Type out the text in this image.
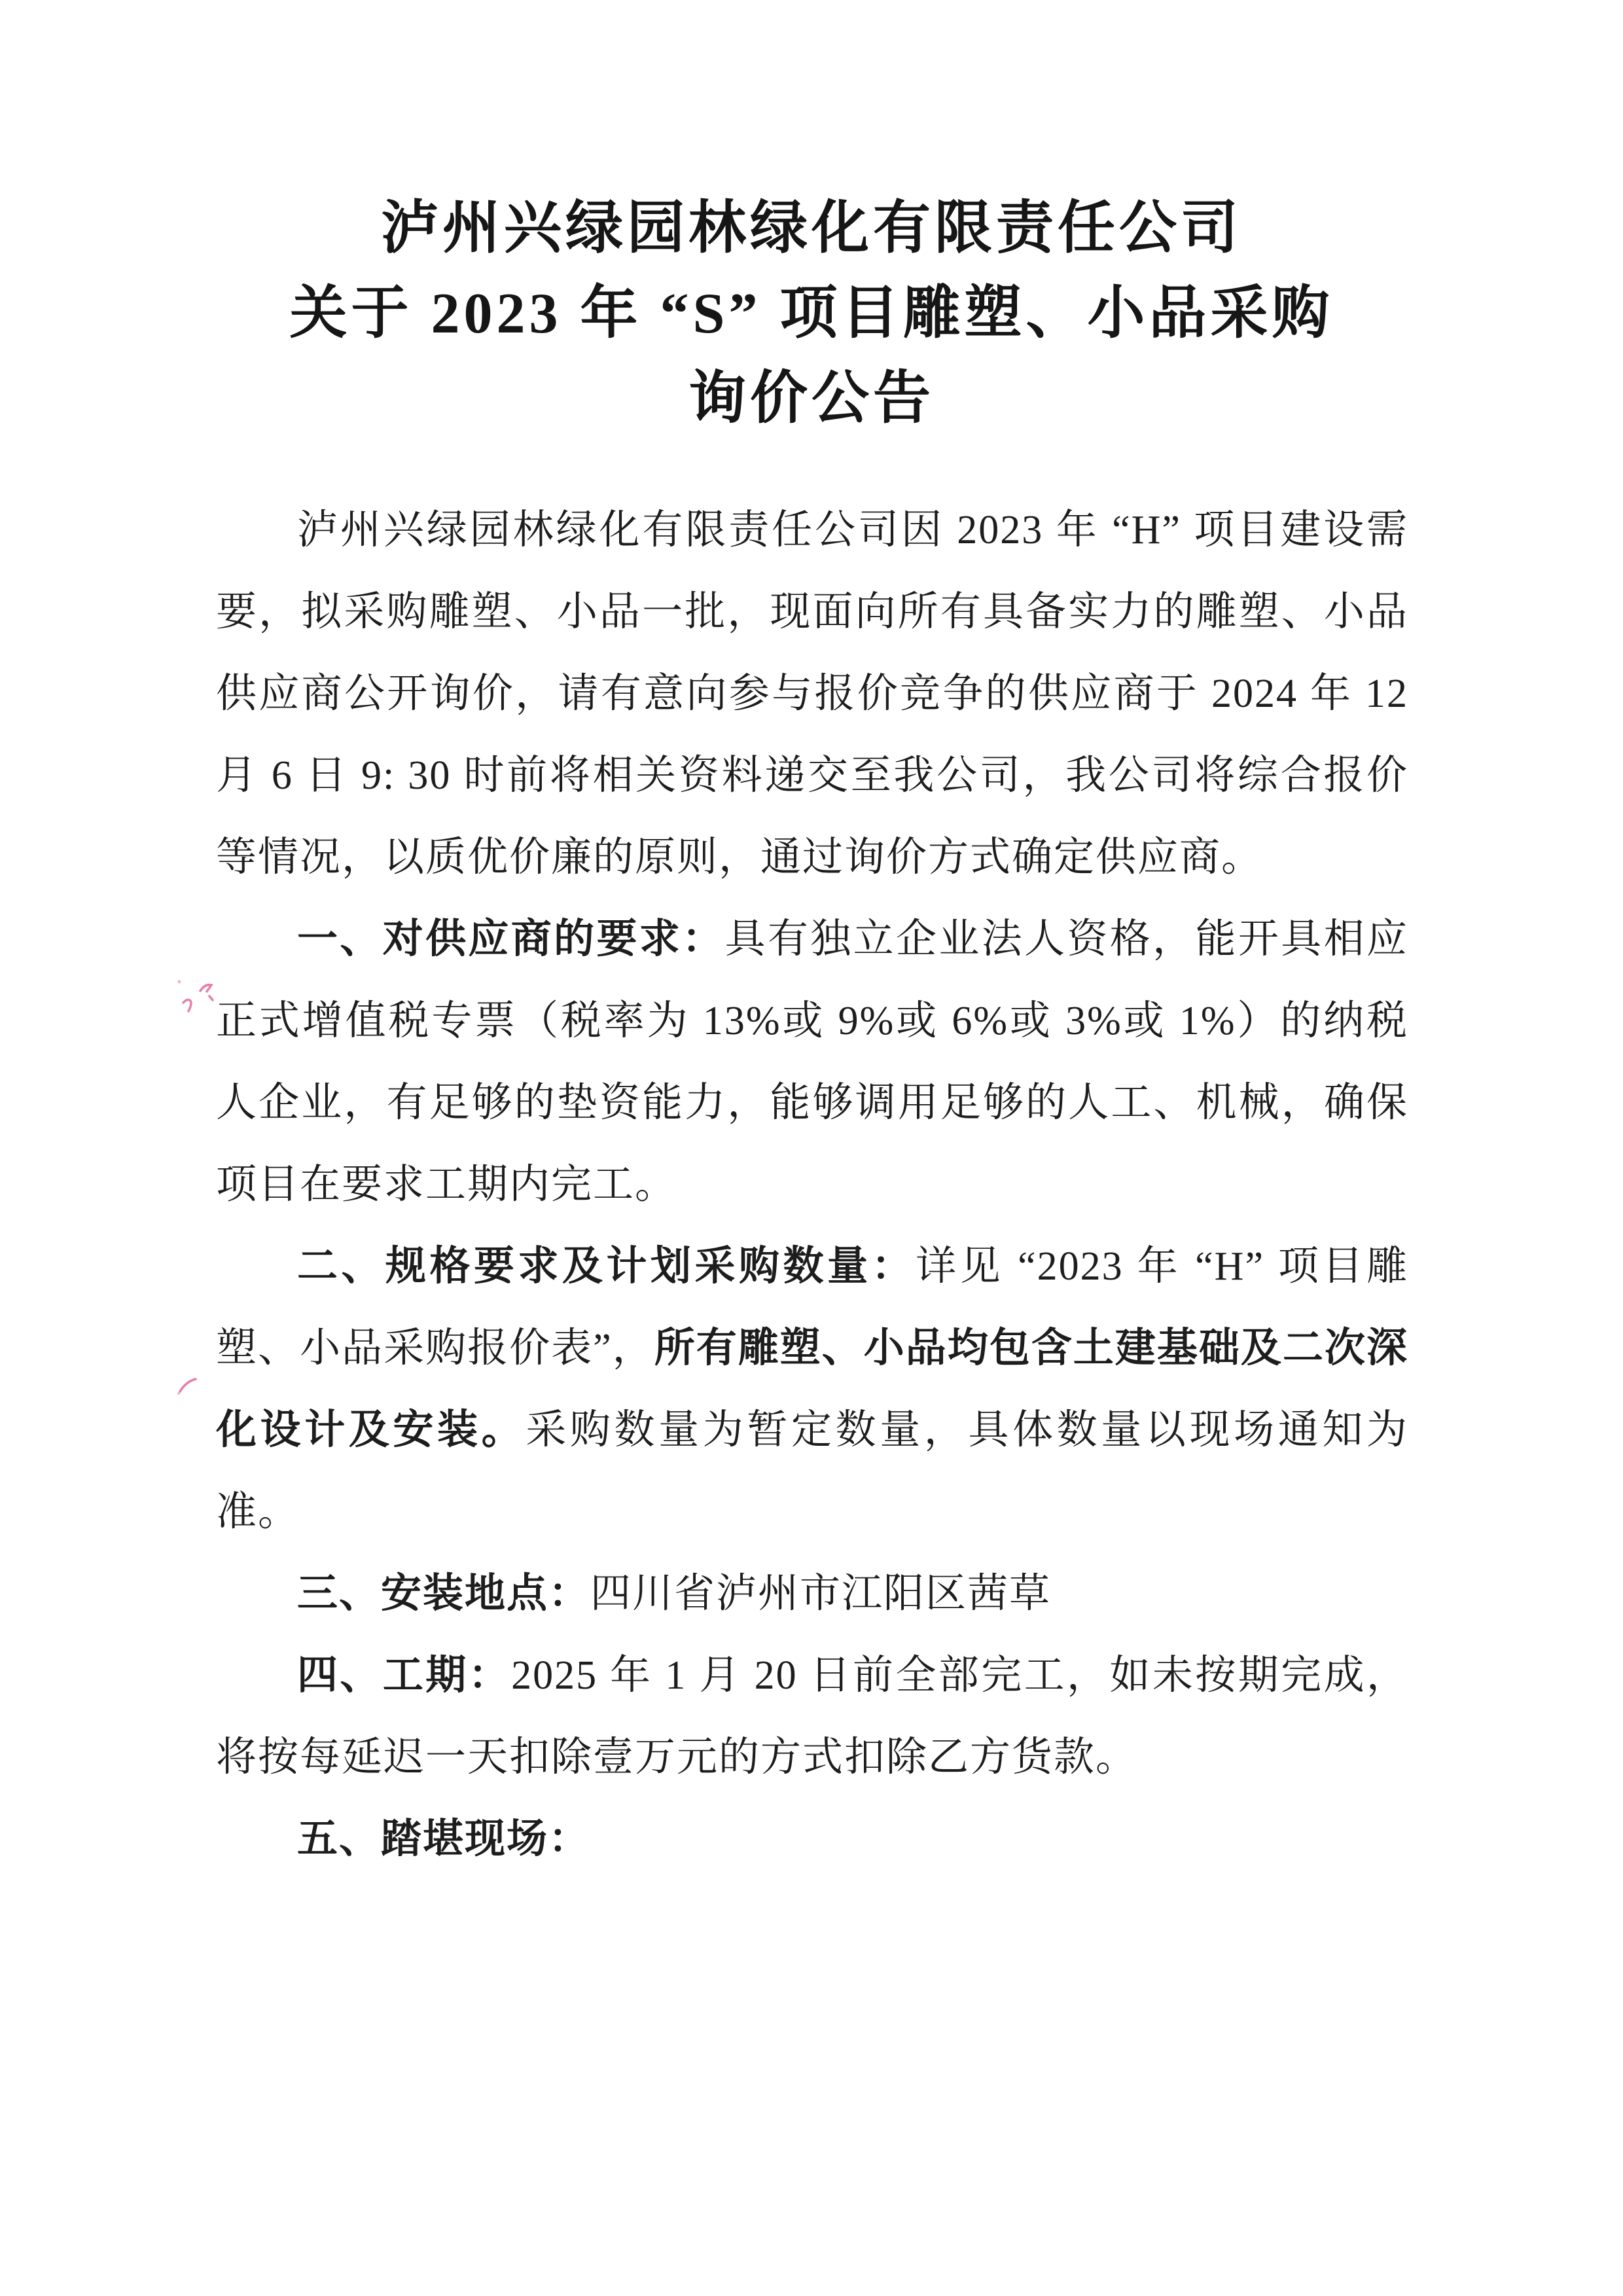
泸州兴绿园林绿化有限责任公司
关于 2023 年 “S” 项目雕塑、小品采购
询价公告

泸州兴绿园林绿化有限责任公司因 2023 年 “H” 项目建设需要，拟采购雕塑、小品一批，现面向所有具备实力的雕塑、小品供应商公开询价，请有意向参与报价竞争的供应商于 2024 年 12 月 6 日 9: 30 时前将相关资料递交至我公司，我公司将综合报价等情况，以质优价廉的原则，通过询价方式确定供应商。

一、对供应商的要求：具有独立企业法人资格，能开具相应正式增值税专票（税率为 13%或 9%或 6%或 3%或 1%）的纳税人企业，有足够的垫资能力，能够调用足够的人工、机械，确保项目在要求工期内完工。

二、规格要求及计划采购数量：详见 “2023 年 “H” 项目雕塑、小品采购报价表”，所有雕塑、小品均包含土建基础及二次深化设计及安装。采购数量为暂定数量，具体数量以现场通知为准。

三、安装地点：四川省泸州市江阳区茜草

四、工期：2025 年 1 月 20 日前全部完工，如未按期完成，将按每延迟一天扣除壹万元的方式扣除乙方货款。

五、踏堪现场：
